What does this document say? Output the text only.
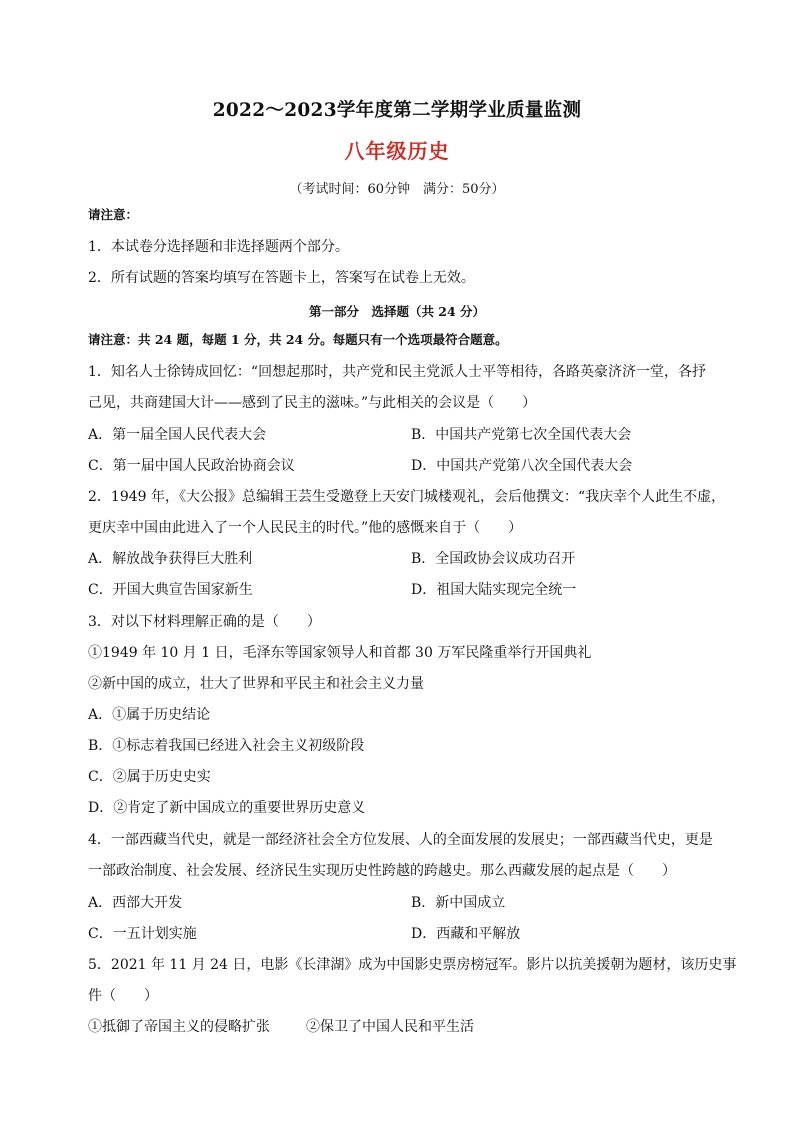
2022～2023学年度第二学期学业质量监测
八年级历史
（考试时间：60分钟　满分：50分）
请注意：
1．本试卷分选择题和非选择题两个部分。
2．所有试题的答案均填写在答题卡上，答案写在试卷上无效。
第一部分　选择题（共 24 分）
请注意：共 24 题，每题 1 分，共 24 分。每题只有一个选项最符合题意。
1．知名人士徐铸成回忆：“回想起那时，共产党和民主党派人士平等相待，各路英豪济济一堂，各抒
己见，共商建国大计——感到了民主的滋味。”与此相关的会议是（　　）
A．第一届全国人民代表大会	B．中国共产党第七次全国代表大会
C．第一届中国人民政治协商会议	D．中国共产党第八次全国代表大会
2．1949 年，《大公报》总编辑王芸生受邀登上天安门城楼观礼，会后他撰文：“我庆幸个人此生不虚，
更庆幸中国由此进入了一个人民民主的时代。”他的感慨来自于（　　）
A．解放战争获得巨大胜利	B．全国政协会议成功召开
C．开国大典宣告国家新生	D．祖国大陆实现完全统一
3．对以下材料理解正确的是（　　）
①1949 年 10 月 1 日，毛泽东等国家领导人和首都 30 万军民隆重举行开国典礼
②新中国的成立，壮大了世界和平民主和社会主义力量
A．①属于历史结论
B．①标志着我国已经进入社会主义初级阶段
C．②属于历史史实
D．②肯定了新中国成立的重要世界历史意义
4．一部西藏当代史，就是一部经济社会全方位发展、人的全面发展的发展史；一部西藏当代史，更是
一部政治制度、社会发展、经济民生实现历史性跨越的跨越史。那么西藏发展的起点是（　　）
A．西部大开发	B．新中国成立
C．一五计划实施	D．西藏和平解放
5．2021 年 11 月 24 日，电影《长津湖》成为中国影史票房榜冠军。影片以抗美援朝为题材，该历史事
件（　　）
①抵御了帝国主义的侵略扩张	②保卫了中国人民和平生活
